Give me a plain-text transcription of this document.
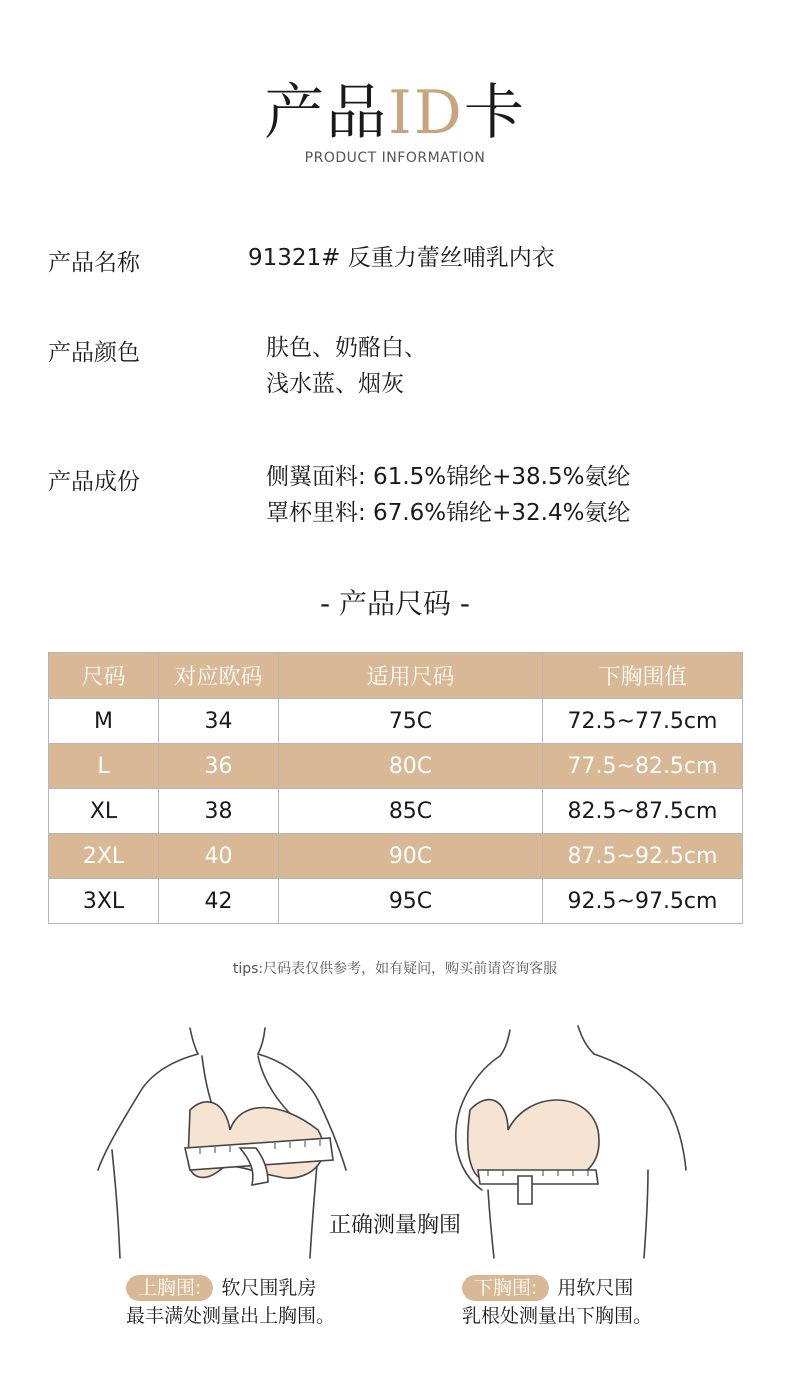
产品ID卡
PRODUCT INFORMATION
产品名称	91321# 反重力蕾丝哺乳内衣
产品颜色	肤色、奶酪白、
浅水蓝、烟灰
产品成份	侧翼面料: 61.5%锦纶+38.5%氨纶
罩杯里料: 67.6%锦纶+32.4%氨纶
- 产品尺码 -
尺码	对应欧码	适用尺码	下胸围值
M	34	75C	72.5~77.5cm
L	36	80C	77.5~82.5cm
XL	38	85C	82.5~87.5cm
2XL	40	90C	87.5~92.5cm
3XL	42	95C	92.5~97.5cm
tips:尺码表仅供参考，如有疑问，购买前请咨询客服
正确测量胸围
上胸围: 软尺围乳房
最丰满处测量出上胸围。
下胸围: 用软尺围
乳根处测量出下胸围。
